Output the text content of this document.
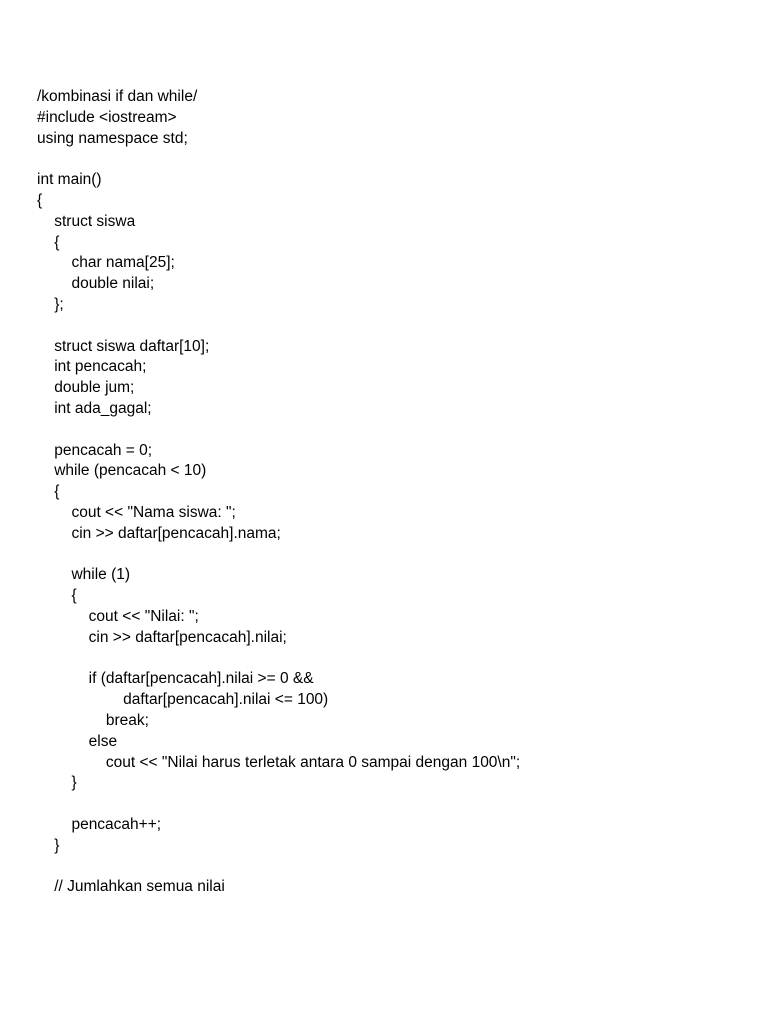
/kombinasi if dan while/
#include <iostream>
using namespace std;
int main()
{
struct siswa
{
char nama[25];
double nilai;
};
struct siswa daftar[10];
int pencacah;
double jum;
int ada_gagal;
pencacah = 0;
while (pencacah < 10)
{
cout << "Nama siswa: ";
cin >> daftar[pencacah].nama;
while (1)
{
cout << "Nilai: ";
cin >> daftar[pencacah].nilai;
if (daftar[pencacah].nilai >= 0 &&
daftar[pencacah].nilai <= 100)
break;
else
cout << "Nilai harus terletak antara 0 sampai dengan 100\n";
}
pencacah++;
}
// Jumlahkan semua nilai
